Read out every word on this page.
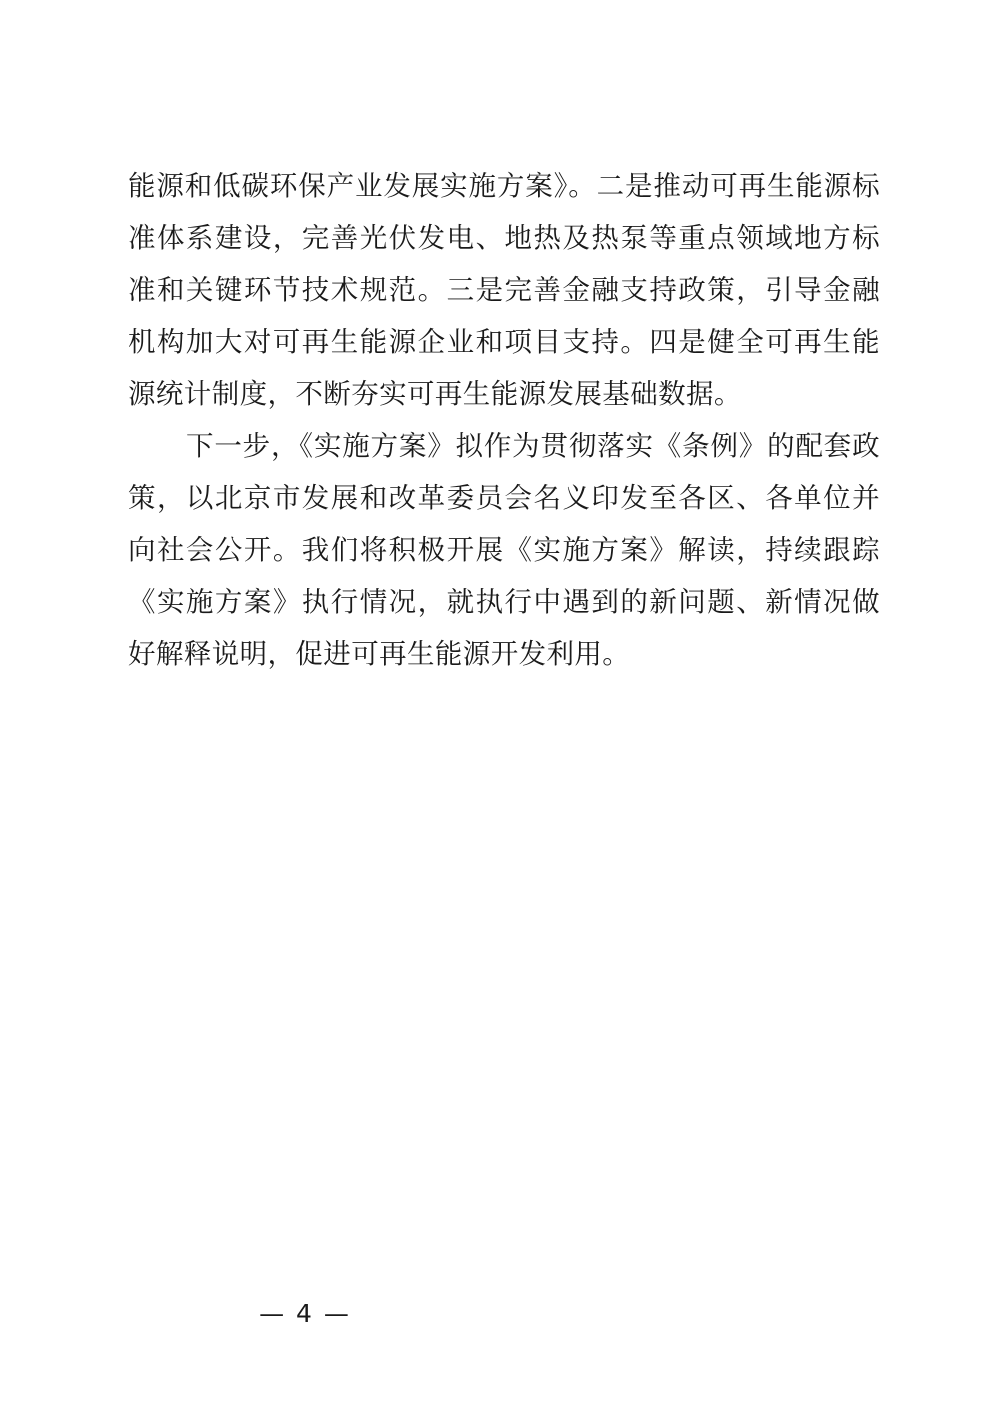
能源和低碳环保产业发展实施方案》。二是推动可再生能源标准体系建设，完善光伏发电、地热及热泵等重点领域地方标准和关键环节技术规范。三是完善金融支持政策，引导金融机构加大对可再生能源企业和项目支持。四是健全可再生能源统计制度，不断夯实可再生能源发展基础数据。

下一步，《实施方案》拟作为贯彻落实《条例》的配套政策，以北京市发展和改革委员会名义印发至各区、各单位并向社会公开。我们将积极开展《实施方案》解读，持续跟踪《实施方案》执行情况，就执行中遇到的新问题、新情况做好解释说明，促进可再生能源开发利用。

— 4 —
